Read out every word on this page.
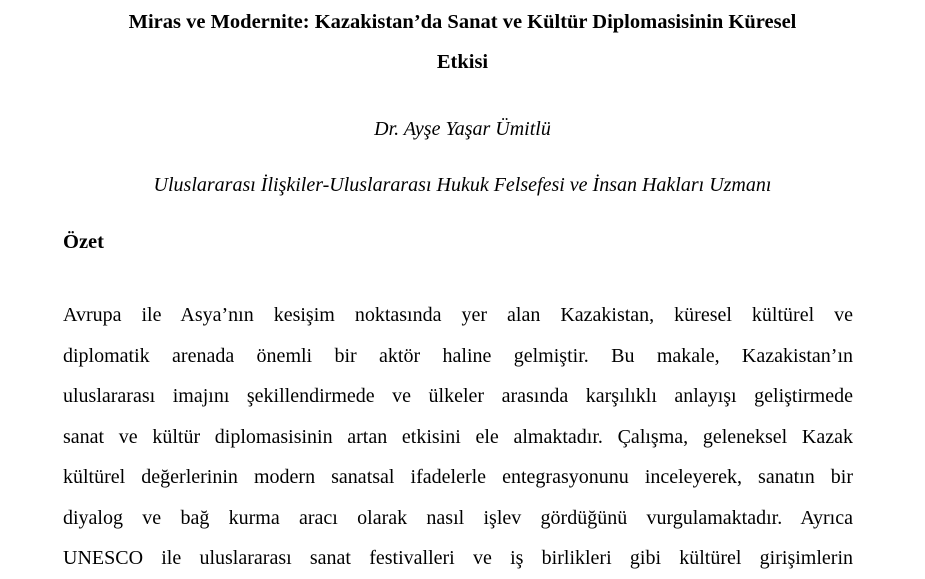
Miras ve Modernite: Kazakistan’da Sanat ve Kültür Diplomasisinin Küresel
Etkisi

Dr. Ayşe Yaşar Ümitlü

Uluslararası İlişkiler-Uluslararası Hukuk Felsefesi ve İnsan Hakları Uzmanı

Özet
Avrupa ile Asya’nın kesişim noktasında yer alan Kazakistan, küresel kültürel ve
diplomatik arenada önemli bir aktör haline gelmiştir. Bu makale, Kazakistan’ın
uluslararası imajını şekillendirmede ve ülkeler arasında karşılıklı anlayışı geliştirmede
sanat ve kültür diplomasisinin artan etkisini ele almaktadır. Çalışma, geleneksel Kazak
kültürel değerlerinin modern sanatsal ifadelerle entegrasyonunu inceleyerek, sanatın bir
diyalog ve bağ kurma aracı olarak nasıl işlev gördüğünü vurgulamaktadır. Ayrıca
UNESCO ile uluslararası sanat festivalleri ve iş birlikleri gibi kültürel girişimlerin
